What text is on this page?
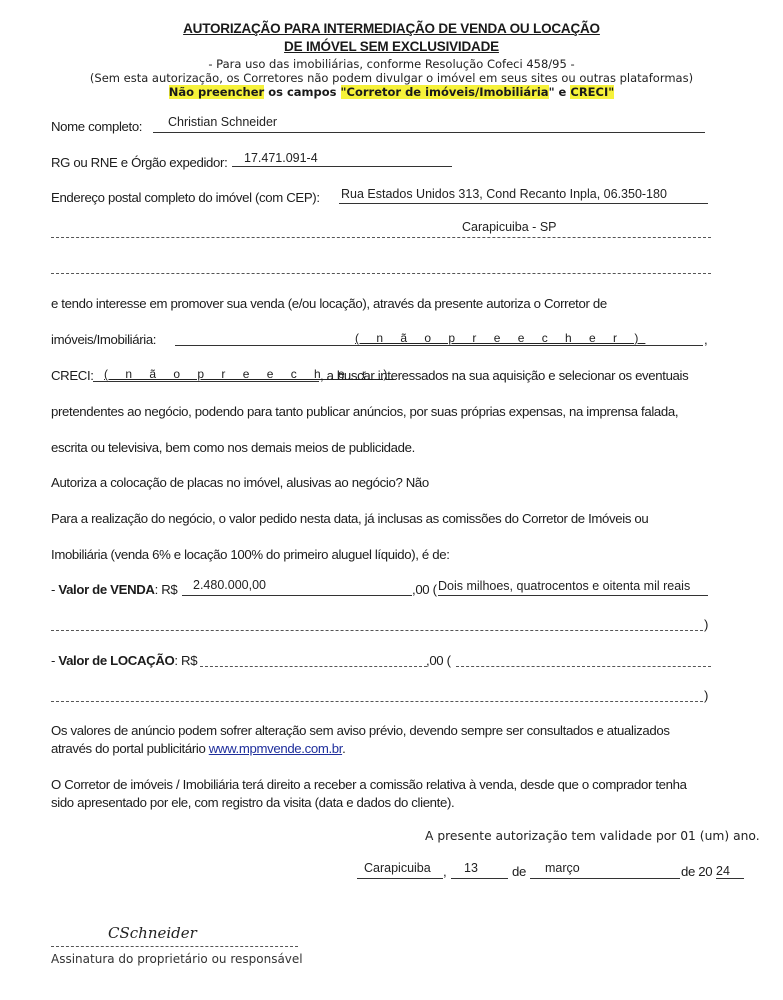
AUTORIZAÇÃO PARA INTERMEDIAÇÃO DE VENDA OU LOCAÇÃO
DE IMÓVEL SEM EXCLUSIVIDADE
- Para uso das imobiliárias, conforme Resolução Cofeci 458/95 -
(Sem esta autorização, os Corretores não podem divulgar o imóvel em seus sites ou outras plataformas)
Não preencher os campos "Corretor de imóveis/Imobiliária" e CRECI"
Nome completo: Christian Schneider
RG ou RNE e Órgão expedidor: 17.471.091-4
Endereço postal completo do imóvel (com CEP): Rua Estados Unidos 313, Cond Recanto Inpla, 06.350-180
Carapicuiba - SP
e tendo interesse em promover sua venda (e/ou locação), através da presente autoriza o Corretor de
imóveis/Imobiliária:	( n ã o p r e e c h e r )	,
CRECI: ( n ã o p r e e c h e r )
, a buscar interessados na sua aquisição e selecionar os eventuais
pretendentes ao negócio, podendo para tanto publicar anúncios, por suas próprias expensas, na imprensa falada,
escrita ou televisiva, bem como nos demais meios de publicidade.
Autoriza a colocação de placas no imóvel, alusivas ao negócio? Não
Para a realização do negócio, o valor pedido nesta data, já inclusas as comissões do Corretor de Imóveis ou
Imobiliária (venda 6% e locação 100% do primeiro aluguel líquido), é de:
- Valor de VENDA: R$ 2.480.000,00	,00 ( Dois milhoes, quatrocentos e oitenta mil reais
)
- Valor de LOCAÇÃO: R$	,00 (
)
Os valores de anúncio podem sofrer alteração sem aviso prévio, devendo sempre ser consultados e atualizados
através do portal publicitário www.mpmvende.com.br.
O Corretor de imóveis / Imobiliária terá direito a receber a comissão relativa à venda, desde que o comprador tenha
sido apresentado por ele, com registro da visita (data e dados do cliente).
A presente autorização tem validade por 01 (um) ano.
Carapicuiba , 13	de março	de 20 24
CSchneider
Assinatura do proprietário ou responsável
